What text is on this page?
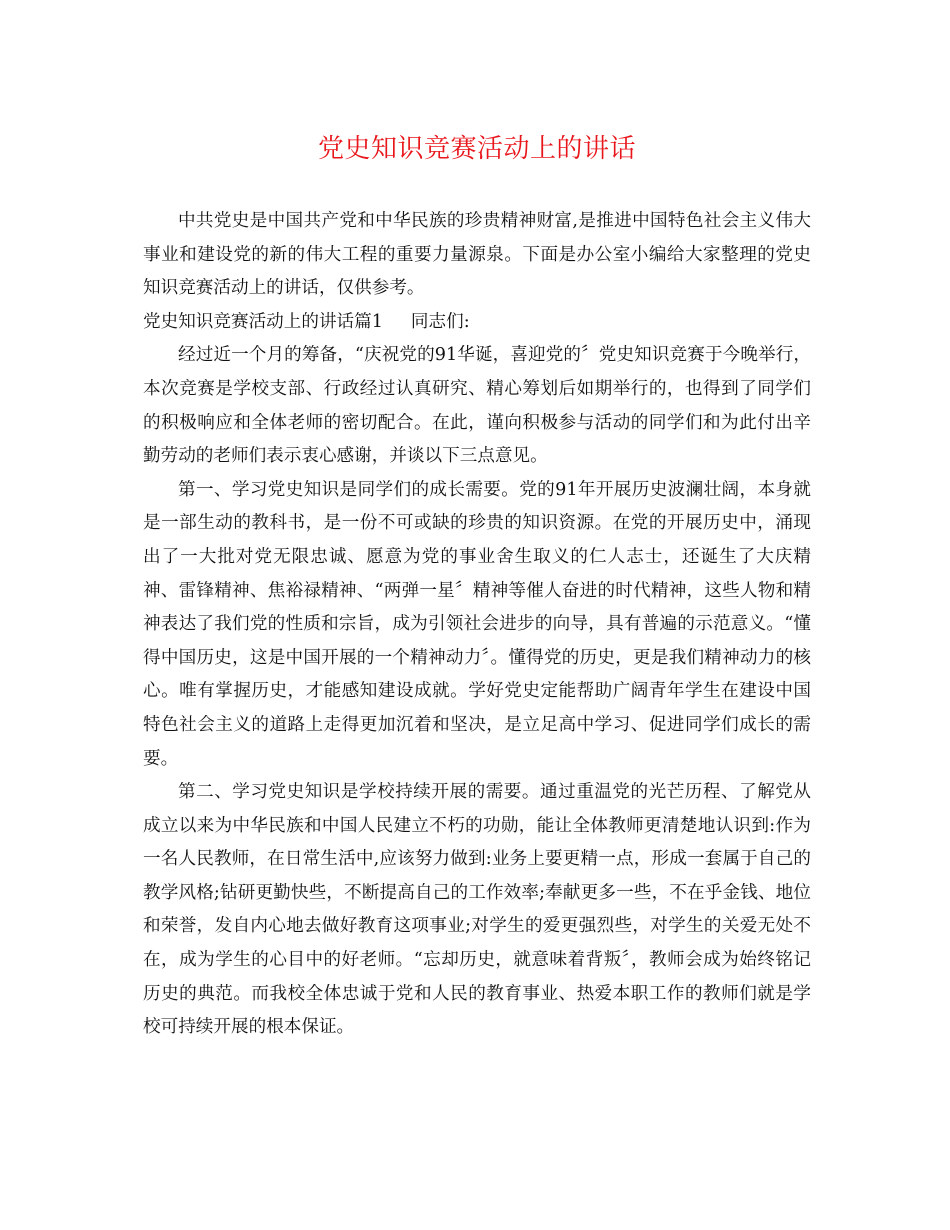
党史知识竞赛活动上的讲话

中共党史是中国共产党和中华民族的珍贵精神财富,是推进中国特色社会主义伟大事业和建设党的新的伟大工程的重要力量源泉。下面是办公室小编给大家整理的党史知识竞赛活动上的讲话，仅供参考。

党史知识竞赛活动上的讲话篇1 同志们:

经过近一个月的筹备，“庆祝党的91华诞，喜迎党的〞党史知识竞赛于今晚举行，本次竞赛是学校支部、行政经过认真研究、精心筹划后如期举行的，也得到了同学们的积极响应和全体老师的密切配合。在此，谨向积极参与活动的同学们和为此付出辛勤劳动的老师们表示衷心感谢，并谈以下三点意见。

第一、学习党史知识是同学们的成长需要。党的91年开展历史波澜壮阔，本身就是一部生动的教科书，是一份不可或缺的珍贵的知识资源。在党的开展历史中，涌现出了一大批对党无限忠诚、愿意为党的事业舍生取义的仁人志士，还诞生了大庆精神、雷锋精神、焦裕禄精神、“两弹一星〞精神等催人奋进的时代精神，这些人物和精神表达了我们党的性质和宗旨，成为引领社会进步的向导，具有普遍的示范意义。“懂得中国历史，这是中国开展的一个精神动力〞。懂得党的历史，更是我们精神动力的核心。唯有掌握历史，才能感知建设成就。学好党史定能帮助广阔青年学生在建设中国特色社会主义的道路上走得更加沉着和坚决，是立足高中学习、促进同学们成长的需要。

第二、学习党史知识是学校持续开展的需要。通过重温党的光芒历程、了解党从成立以来为中华民族和中国人民建立不朽的功勋，能让全体教师更清楚地认识到:作为一名人民教师，在日常生活中,应该努力做到:业务上要更精一点，形成一套属于自己的教学风格;钻研更勤快些，不断提高自己的工作效率;奉献更多一些，不在乎金钱、地位和荣誉，发自内心地去做好教育这项事业;对学生的爱更强烈些，对学生的关爱无处不在，成为学生的心目中的好老师。“忘却历史，就意味着背叛〞，教师会成为始终铭记历史的典范。而我校全体忠诚于党和人民的教育事业、热爱本职工作的教师们就是学校可持续开展的根本保证。
